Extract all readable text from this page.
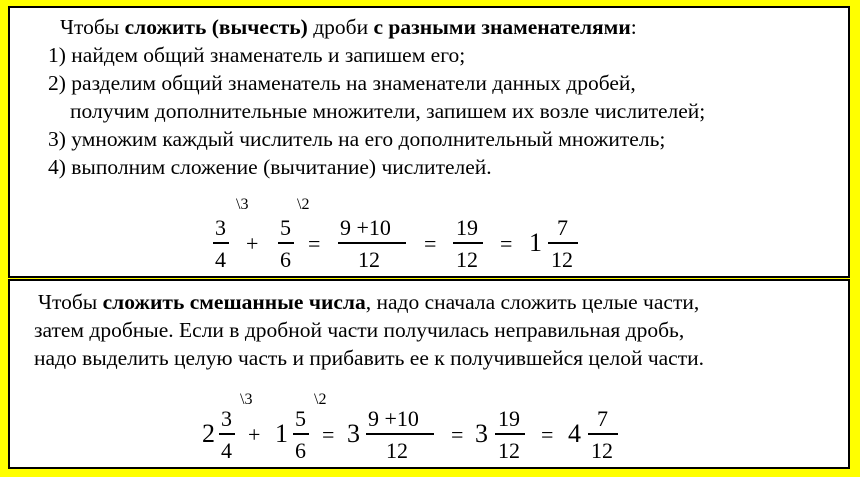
Чтобы сложить (вычесть) дроби с разными знаменателями:
1) найдем общий знаменатель и запишем его;
2) разделим общий знаменатель на знаменатели данных дробей,
получим дополнительные множители, запишем их возле числителей;
3) умножим каждый числитель на его дополнительный множитель;
4) выполним сложение (вычитание) числителей.
\3
3
4
+
\2
5
6
=
9 +10
12
=
19
12
= 1
7
12
Чтобы сложить смешанные числа, надо сначала сложить целые части,
затем дробные. Если в дробной части получилась неправильная дробь,
надо выделить целую часть и прибавить ее к получившейся целой части.
2
\3
3
4
+ 1
\2
5
6
= 3
9 +10
12
= 3
19
12
= 4
7
12
